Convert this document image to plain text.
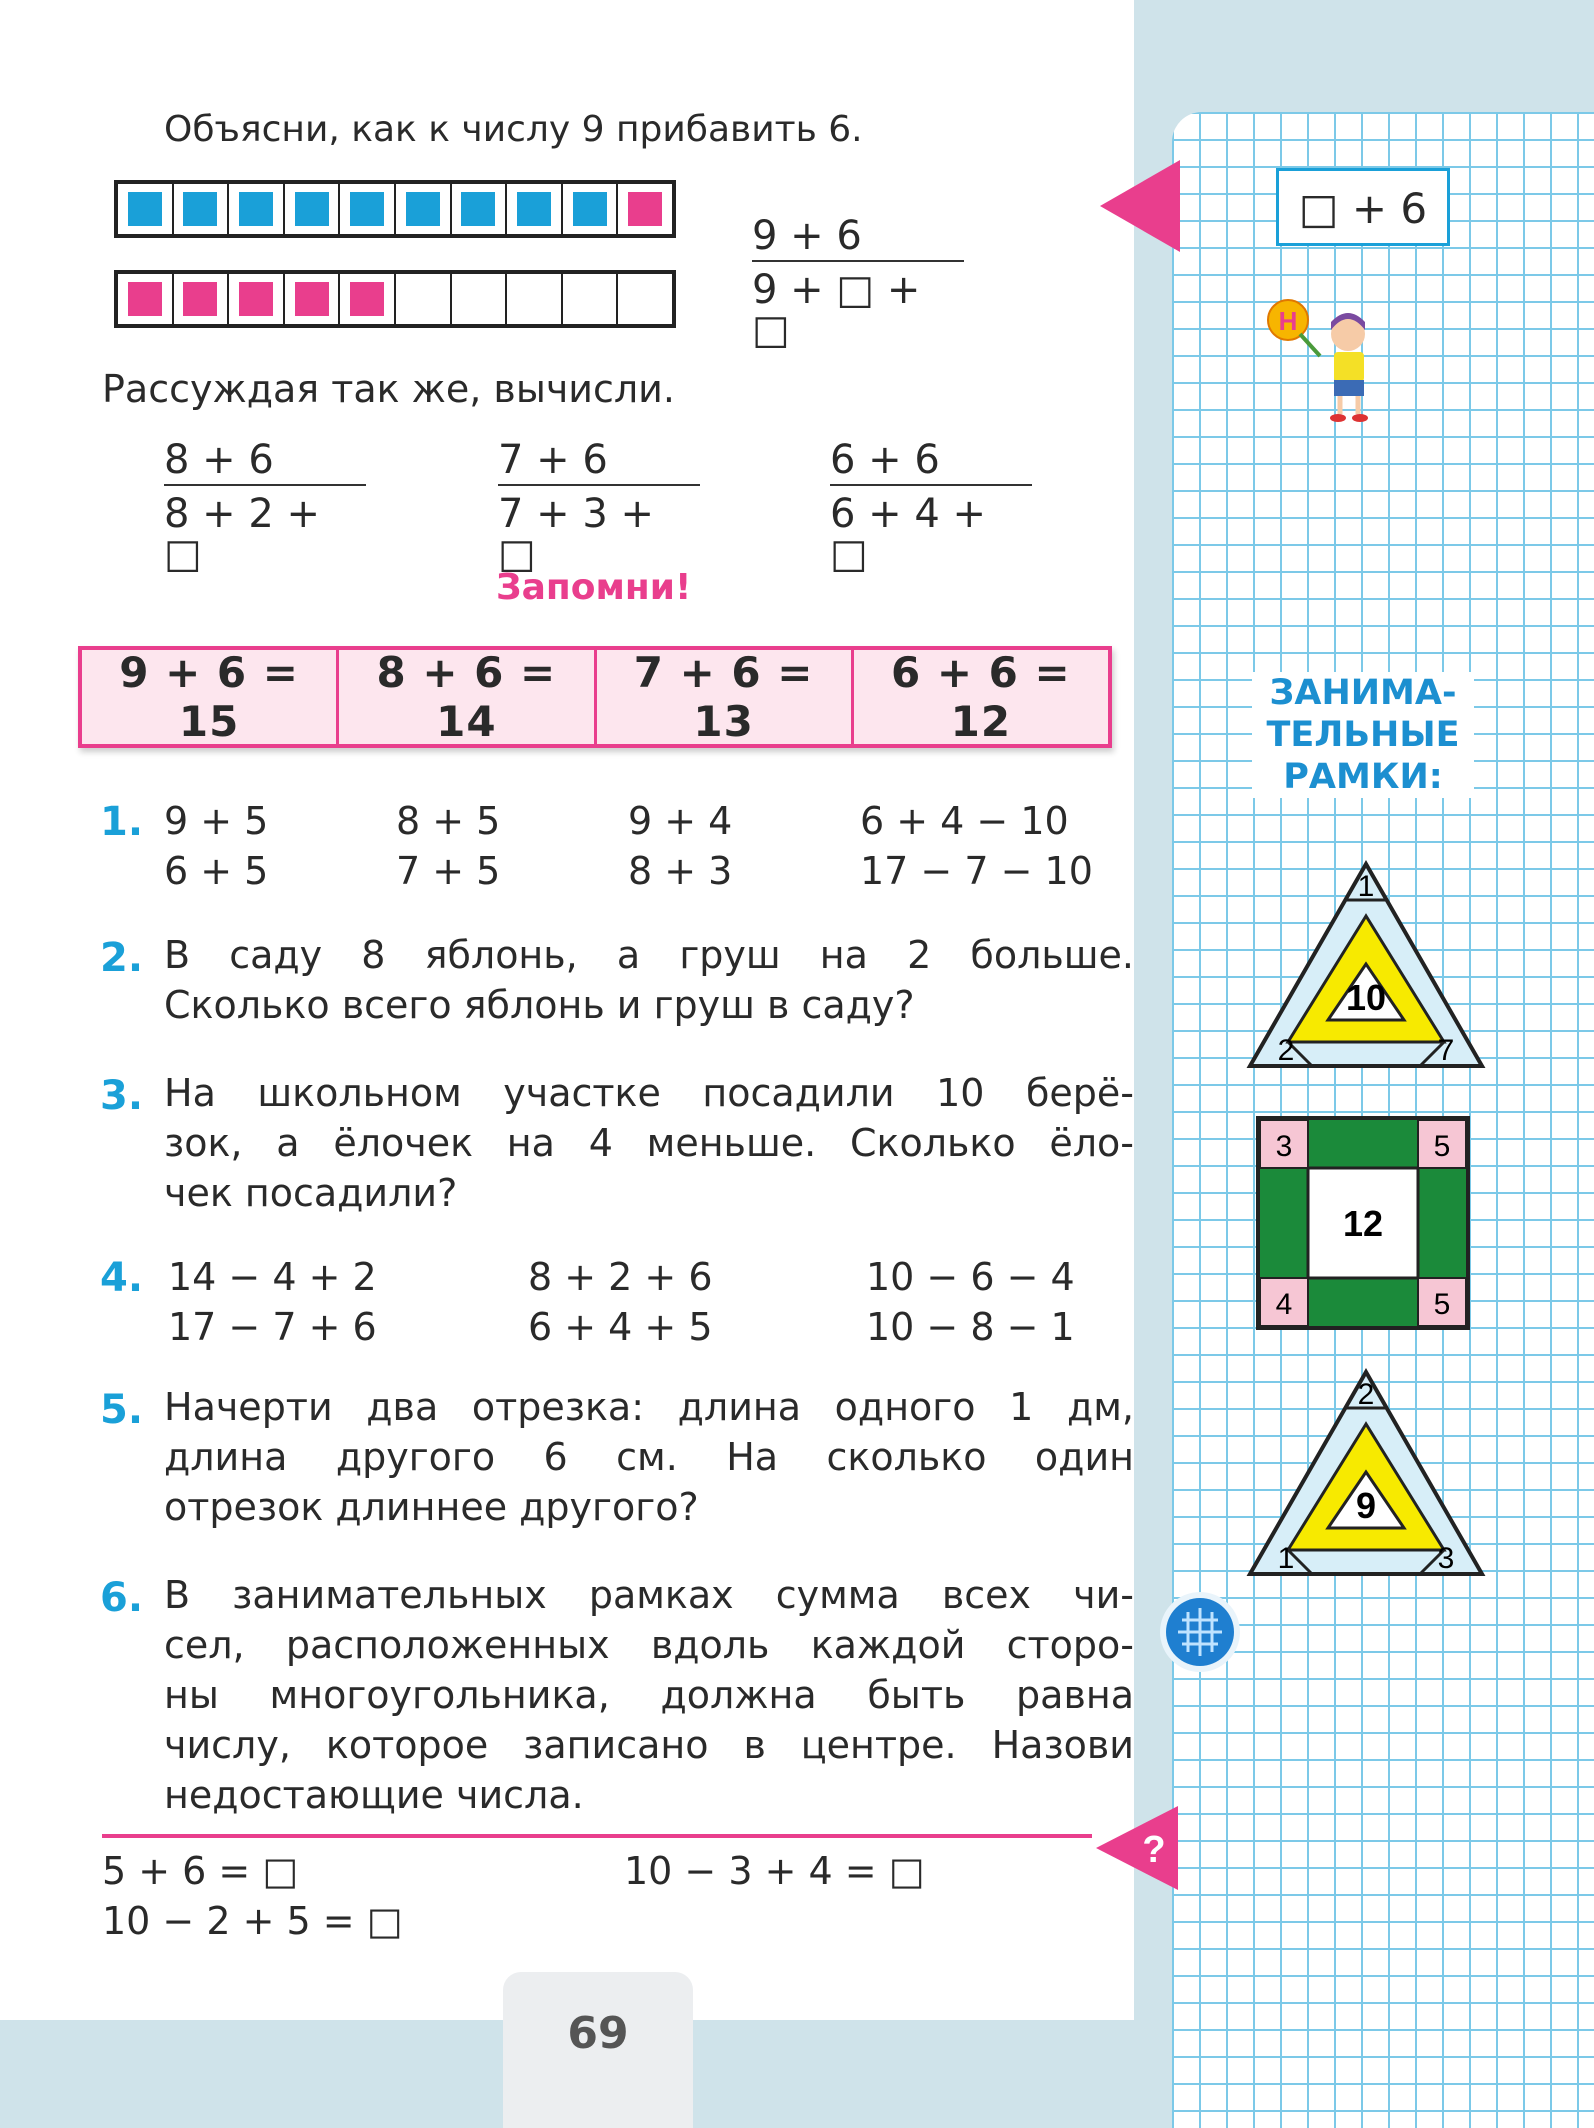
Объясни, как к числу 9 прибавить 6.
$\frac{9 + 6}{9 + □ + □}$
Рассуждая так же, вычисли.
$\frac{8 + 6}{8 + 2 + □}$	$\frac{7 + 6}{7 + 3 + □}$	$\frac{6 + 6}{6 + 4 + □}$
Запомни!
9 + 6 = 15
8 + 6 = 14
7 + 6 = 13
6 + 6 = 12
1. 9 + 5	8 + 5	9 + 4	6 + 4 − 10
6 + 5	7 + 5	8 + 3	17 − 7 − 10
2. В саду 8 яблонь, а груш на 2 больше.
Сколько всего яблонь и груш в саду?
3. На школьном участке посадили 10 берё-
зок, а ёлочек на 4 меньше. Сколько ёло-
чек посадили?
4. 14 − 4 + 2	8 + 2 + 6	10 − 6 − 4
17 − 7 + 6	6 + 4 + 5	10 − 8 − 1
5. Начерти два отрезка: длина одного 1 дм,
длина другого 6 см. На сколько один
отрезок длиннее другого?
6. В занимательных рамках сумма всех чи-
сел, расположенных вдоль каждой сторо-
ны многоугольника, должна быть равна
числу, которое записано в центре. Назови
недостающие числа.
?
5 + 6 = □	10 − 3 + 4 = □
10 − 2 + 5 = □
69
□ + 6
Н
ЗАНИМА-
ТЕЛЬНЫЕ
РАМКИ:
1
10
2	7
3	5
4	5
12
2
9
1	3
